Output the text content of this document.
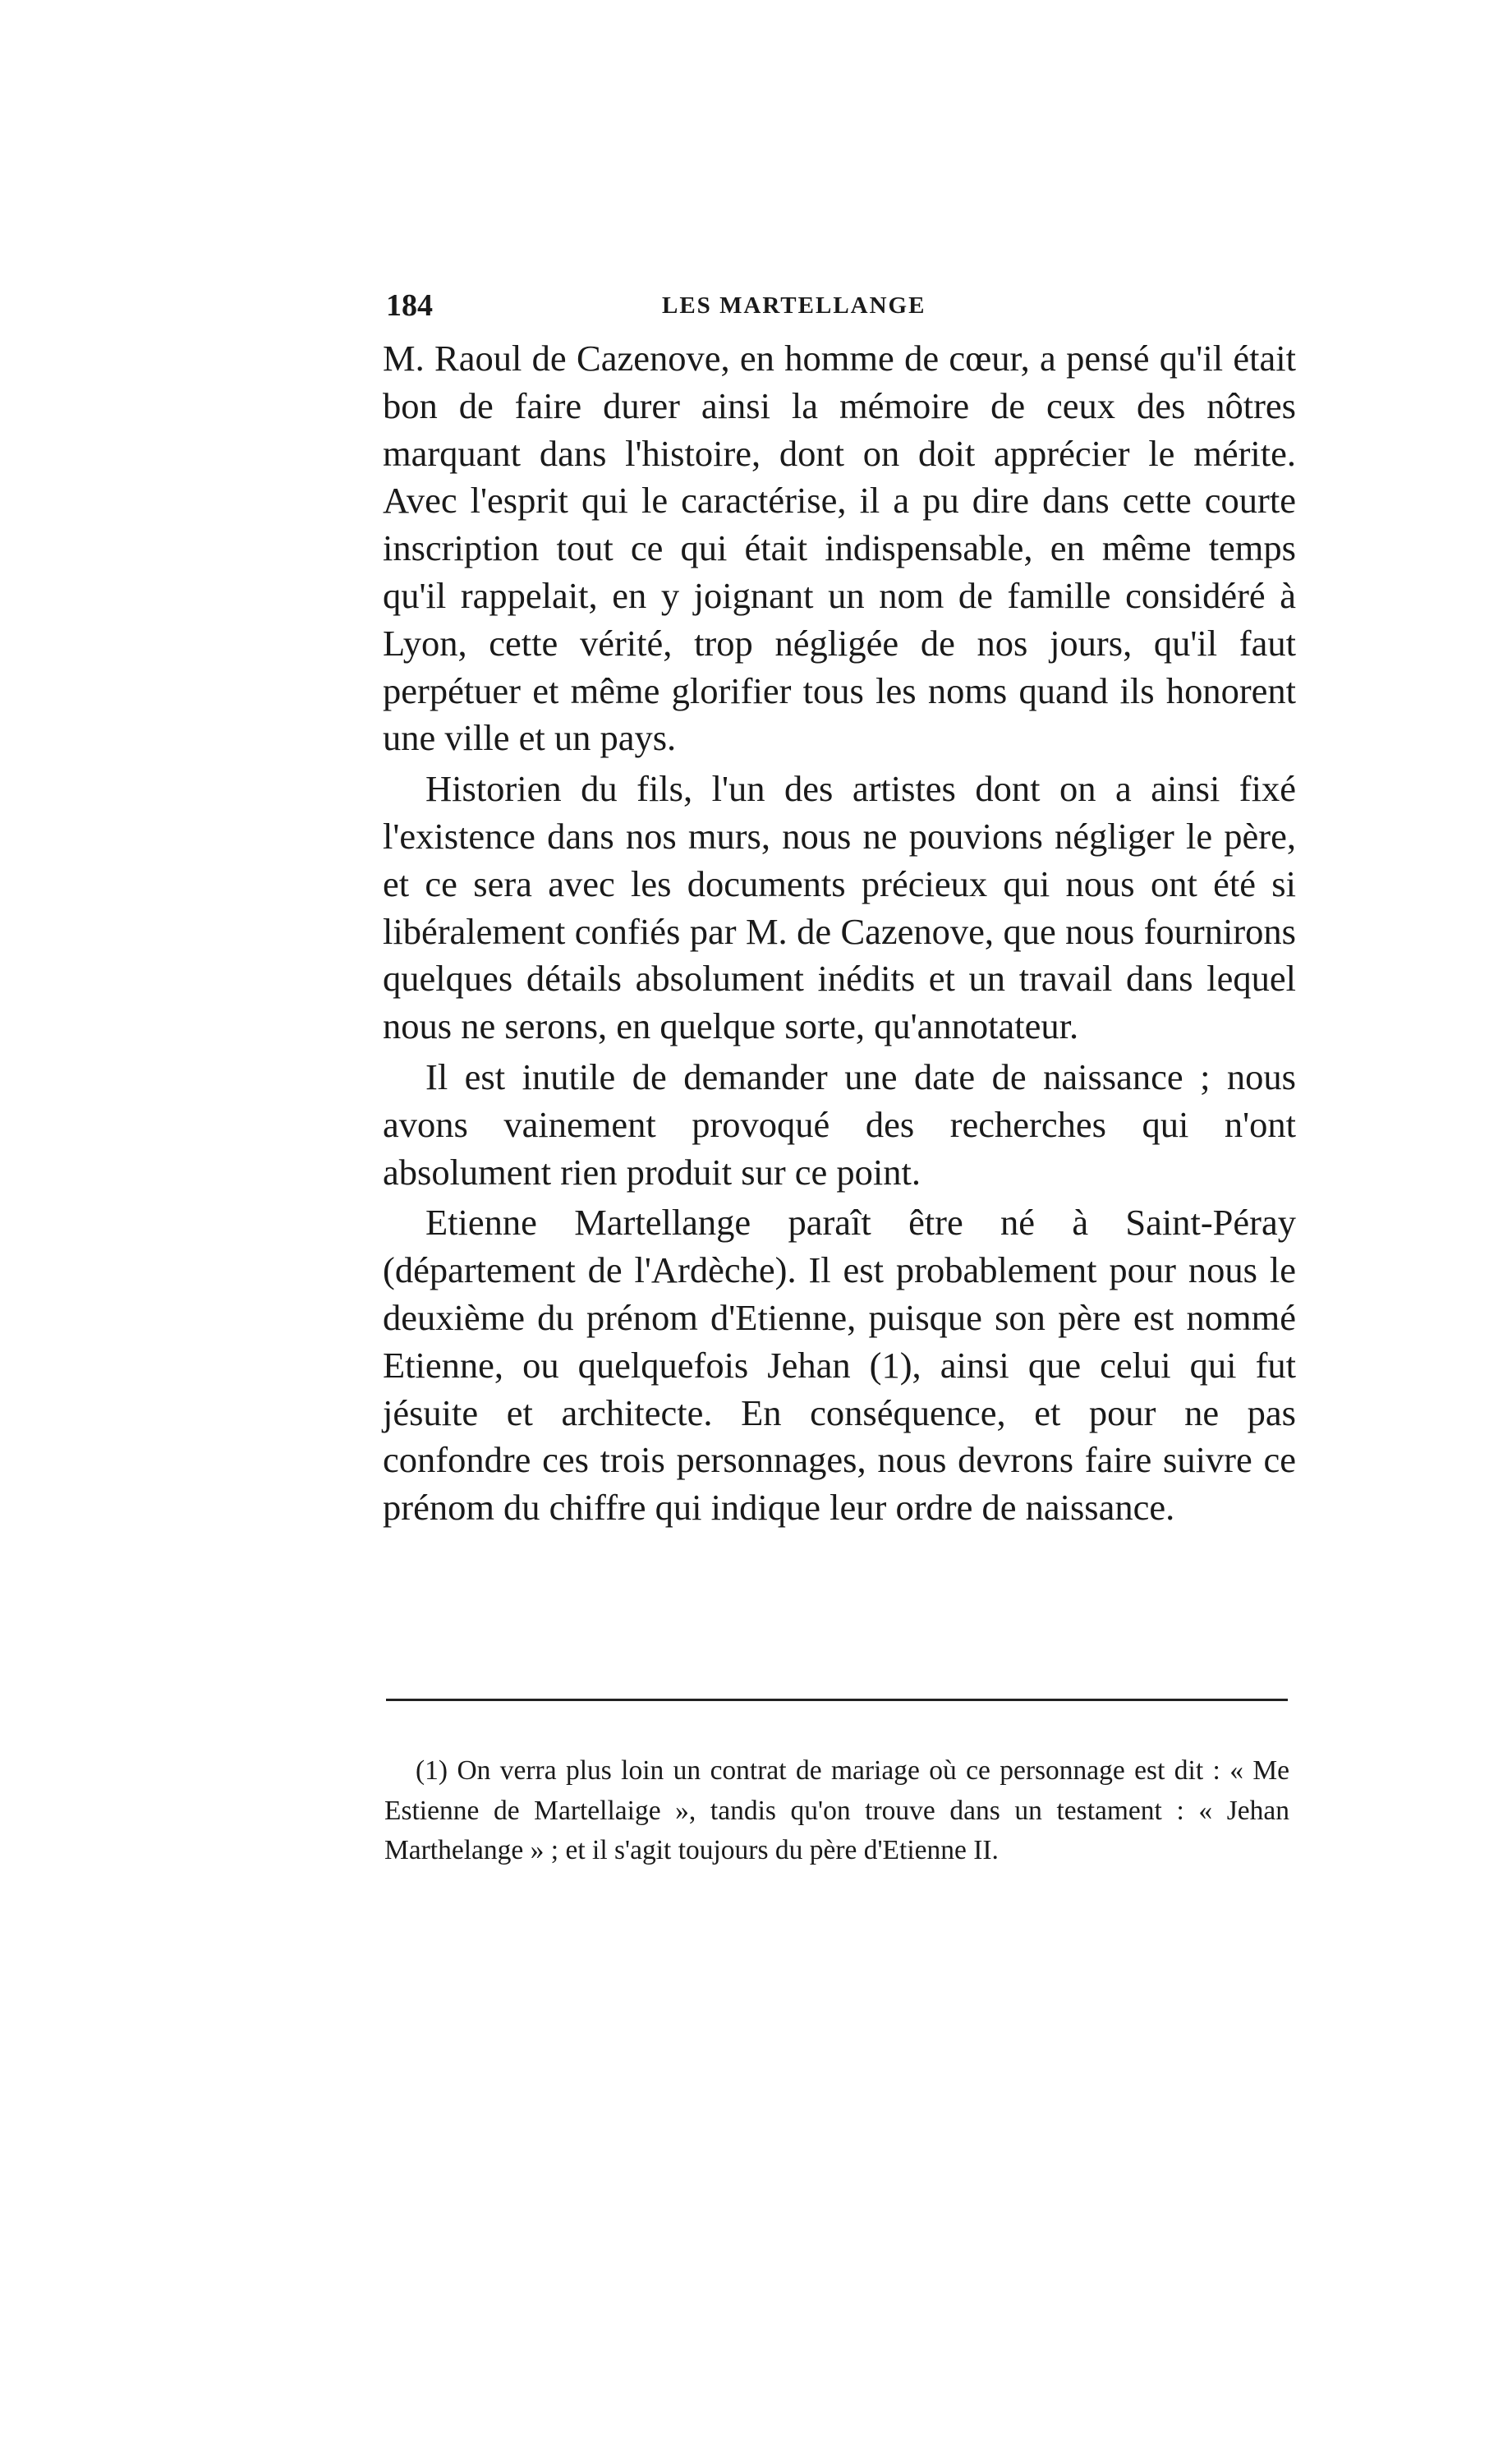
184	LES MARTELLANGE

M. Raoul de Cazenove, en homme de cœur, a pensé qu'il était bon de faire durer ainsi la mémoire de ceux des nôtres marquant dans l'histoire, dont on doit apprécier le mérite. Avec l'esprit qui le caractérise, il a pu dire dans cette courte inscription tout ce qui était indispensable, en même temps qu'il rappelait, en y joignant un nom de famille considéré à Lyon, cette vérité, trop négligée de nos jours, qu'il faut perpétuer et même glorifier tous les noms quand ils honorent une ville et un pays.

Historien du fils, l'un des artistes dont on a ainsi fixé l'existence dans nos murs, nous ne pouvions négliger le père, et ce sera avec les documents précieux qui nous ont été si libéralement confiés par M. de Cazenove, que nous fournirons quelques détails absolument inédits et un travail dans lequel nous ne serons, en quelque sorte, qu'annotateur.

Il est inutile de demander une date de naissance ; nous avons vainement provoqué des recherches qui n'ont absolument rien produit sur ce point.

Etienne Martellange paraît être né à Saint-Péray (département de l'Ardèche). Il est probablement pour nous le deuxième du prénom d'Etienne, puisque son père est nommé Etienne, ou quelquefois Jehan (1), ainsi que celui qui fut jésuite et architecte. En conséquence, et pour ne pas confondre ces trois personnages, nous devrons faire suivre ce prénom du chiffre qui indique leur ordre de naissance.

(1) On verra plus loin un contrat de mariage où ce personnage est dit : « Me Estienne de Martellaige », tandis qu'on trouve dans un testament : « Jehan Marthelange » ; et il s'agit toujours du père d'Etienne II.
